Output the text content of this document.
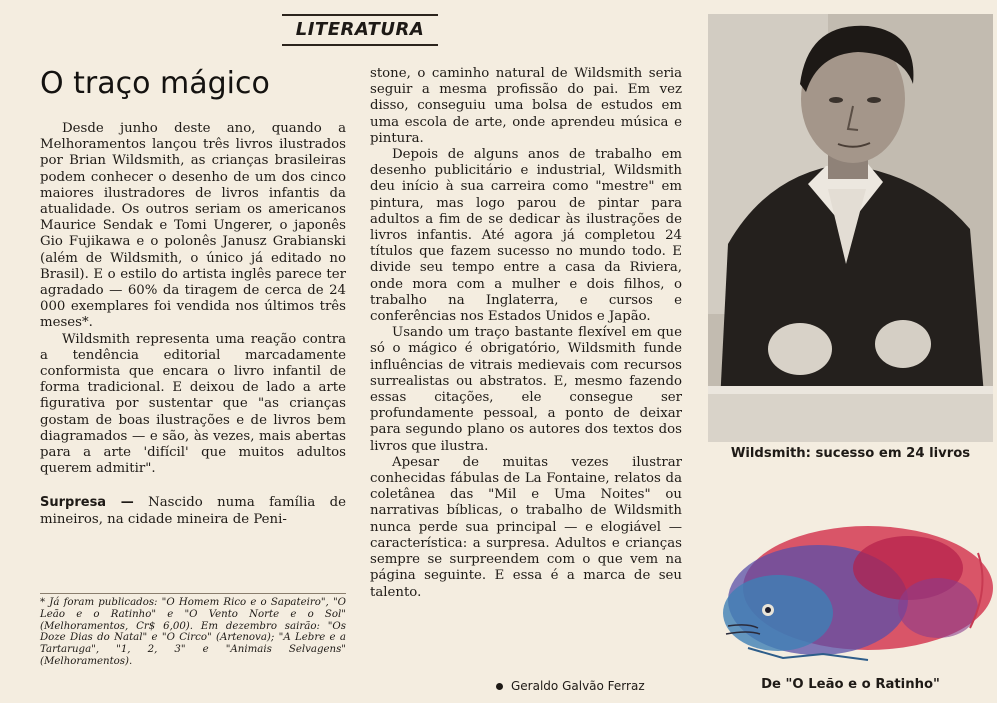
LITERATURA
O traço mágico

Desde junho deste ano, quando a Melhoramentos lançou três livros ilustrados por Brian Wildsmith, as crianças brasileiras podem conhecer o desenho de um dos cinco maiores ilustradores de livros infantis da atualidade. Os outros seriam os americanos Maurice Sendak e Tomi Ungerer, o japonês Gio Fujikawa e o polonês Janusz Grabianski (além de Wildsmith, o único já editado no Brasil). E o estilo do artista inglês parece ter agradado — 60% da tiragem de cerca de 24 000 exemplares foi vendida nos últimos três meses*.

Wildsmith representa uma reação contra a tendência editorial marcadamente conformista que encara o livro infantil de forma tradicional. E deixou de lado a arte figurativa por sustentar que "as crianças gostam de boas ilustrações e de livros bem diagramados — e são, às vezes, mais abertas para a arte 'difícil' que muitos adultos querem admitir".

Surpresa — Nascido numa família de mineiros, na cidade mineira de Peni-

stone, o caminho natural de Wildsmith seria seguir a mesma profissão do pai. Em vez disso, conseguiu uma bolsa de estudos em uma escola de arte, onde aprendeu música e pintura.

Depois de alguns anos de trabalho em desenho publicitário e industrial, Wildsmith deu início à sua carreira como "mestre" em pintura, mas logo parou de pintar para adultos a fim de se dedicar às ilustrações de livros infantis. Até agora já completou 24 títulos que fazem sucesso no mundo todo. E divide seu tempo entre a casa da Riviera, onde mora com a mulher e dois filhos, o trabalho na Inglaterra, e cursos e conferências nos Estados Unidos e Japão.

Usando um traço bastante flexível em que só o mágico é obrigatório, Wildsmith funde influências de vitrais medievais com recursos surrealistas ou abstratos. E, mesmo fazendo essas citações, ele consegue ser profundamente pessoal, a ponto de deixar para segundo plano os autores dos textos dos livros que ilustra.

Apesar de muitas vezes ilustrar conhecidas fábulas de La Fontaine, relatos da coletânea das "Mil e Uma Noites" ou narrativas bíblicas, o trabalho de Wildsmith nunca perde sua principal — e elogiável — característica: a surpresa. Adultos e crianças sempre se surpreendem com o que vem na página seguinte. E essa é a marca de seu talento.

* Já foram publicados: "O Homem Rico e o Sapateiro", "O Leão e o Ratinho" e "O Vento Norte e o Sol" (Melhoramentos, Cr$ 6,00). Em dezembro sairão: "Os Doze Dias do Natal" e "O Circo" (Artenova); "A Lebre e a Tartaruga", "1, 2, 3" e "Animais Selvagens" (Melhoramentos).
Geraldo Galvão Ferraz
Wildsmith: sucesso em 24 livros
De "O Leão e o Ratinho"
